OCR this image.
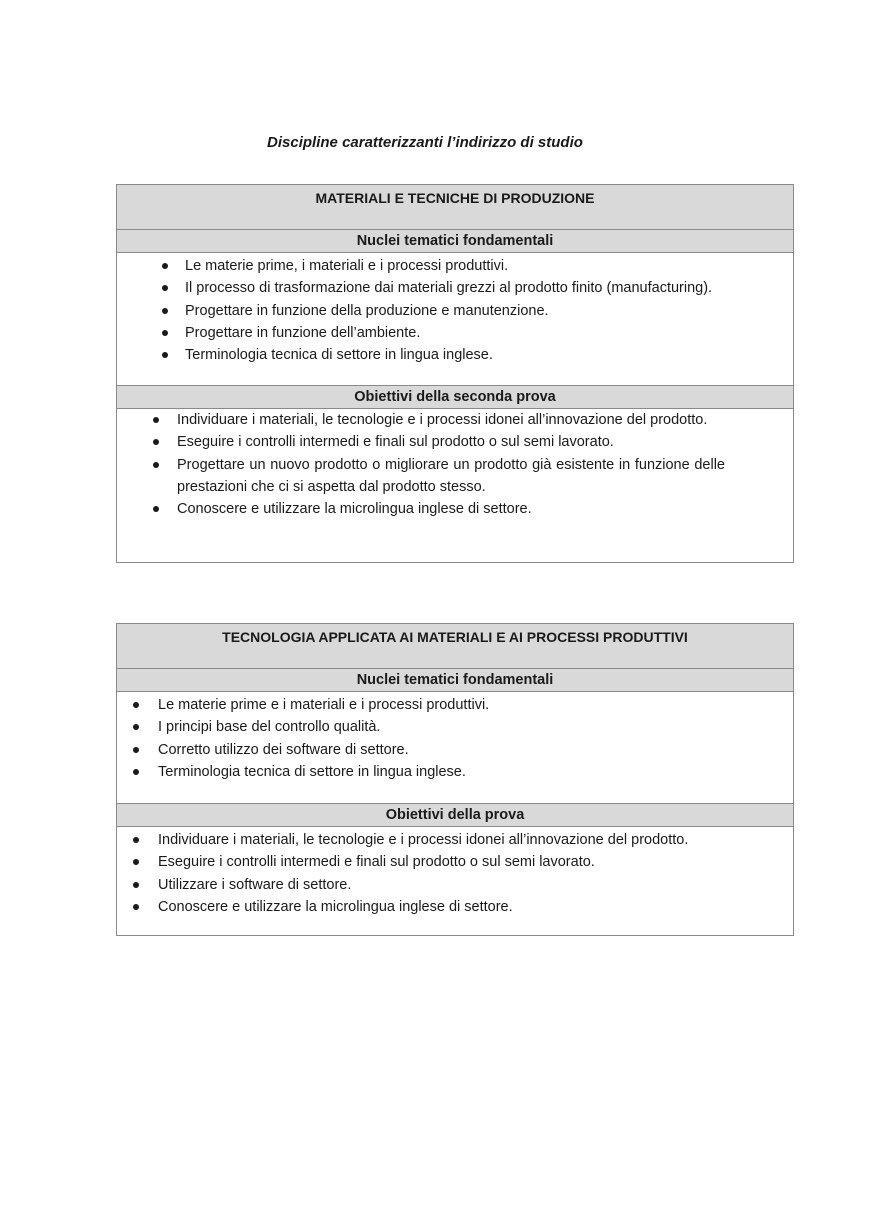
Discipline caratterizzanti l’indirizzo di studio
MATERIALI E TECNICHE DI PRODUZIONE
Nuclei tematici fondamentali
Le materie prime, i materiali e i processi produttivi.
Il processo di trasformazione dai materiali grezzi al prodotto finito (manufacturing).
Progettare in funzione della produzione e manutenzione.
Progettare in funzione dell’ambiente.
Terminologia tecnica di settore in lingua inglese.
Obiettivi della seconda prova
Individuare i materiali, le tecnologie e i processi idonei all’innovazione del prodotto.
Eseguire i controlli intermedi e finali sul prodotto o sul semi lavorato.
Progettare un nuovo prodotto o migliorare un prodotto già esistente in funzione delle prestazioni che ci si aspetta dal prodotto stesso.
Conoscere e utilizzare la microlingua inglese di settore.
TECNOLOGIA APPLICATA AI MATERIALI E AI PROCESSI PRODUTTIVI
Nuclei tematici fondamentali
Le materie prime e i materiali e i processi produttivi.
I principi base del controllo qualità.
Corretto utilizzo dei software di settore.
Terminologia tecnica di settore in lingua inglese.
Obiettivi della prova
Individuare i materiali, le tecnologie e i processi idonei all’innovazione del prodotto.
Eseguire i controlli intermedi e finali sul prodotto o sul semi lavorato.
Utilizzare i software di settore.
Conoscere e utilizzare la microlingua inglese di settore.
